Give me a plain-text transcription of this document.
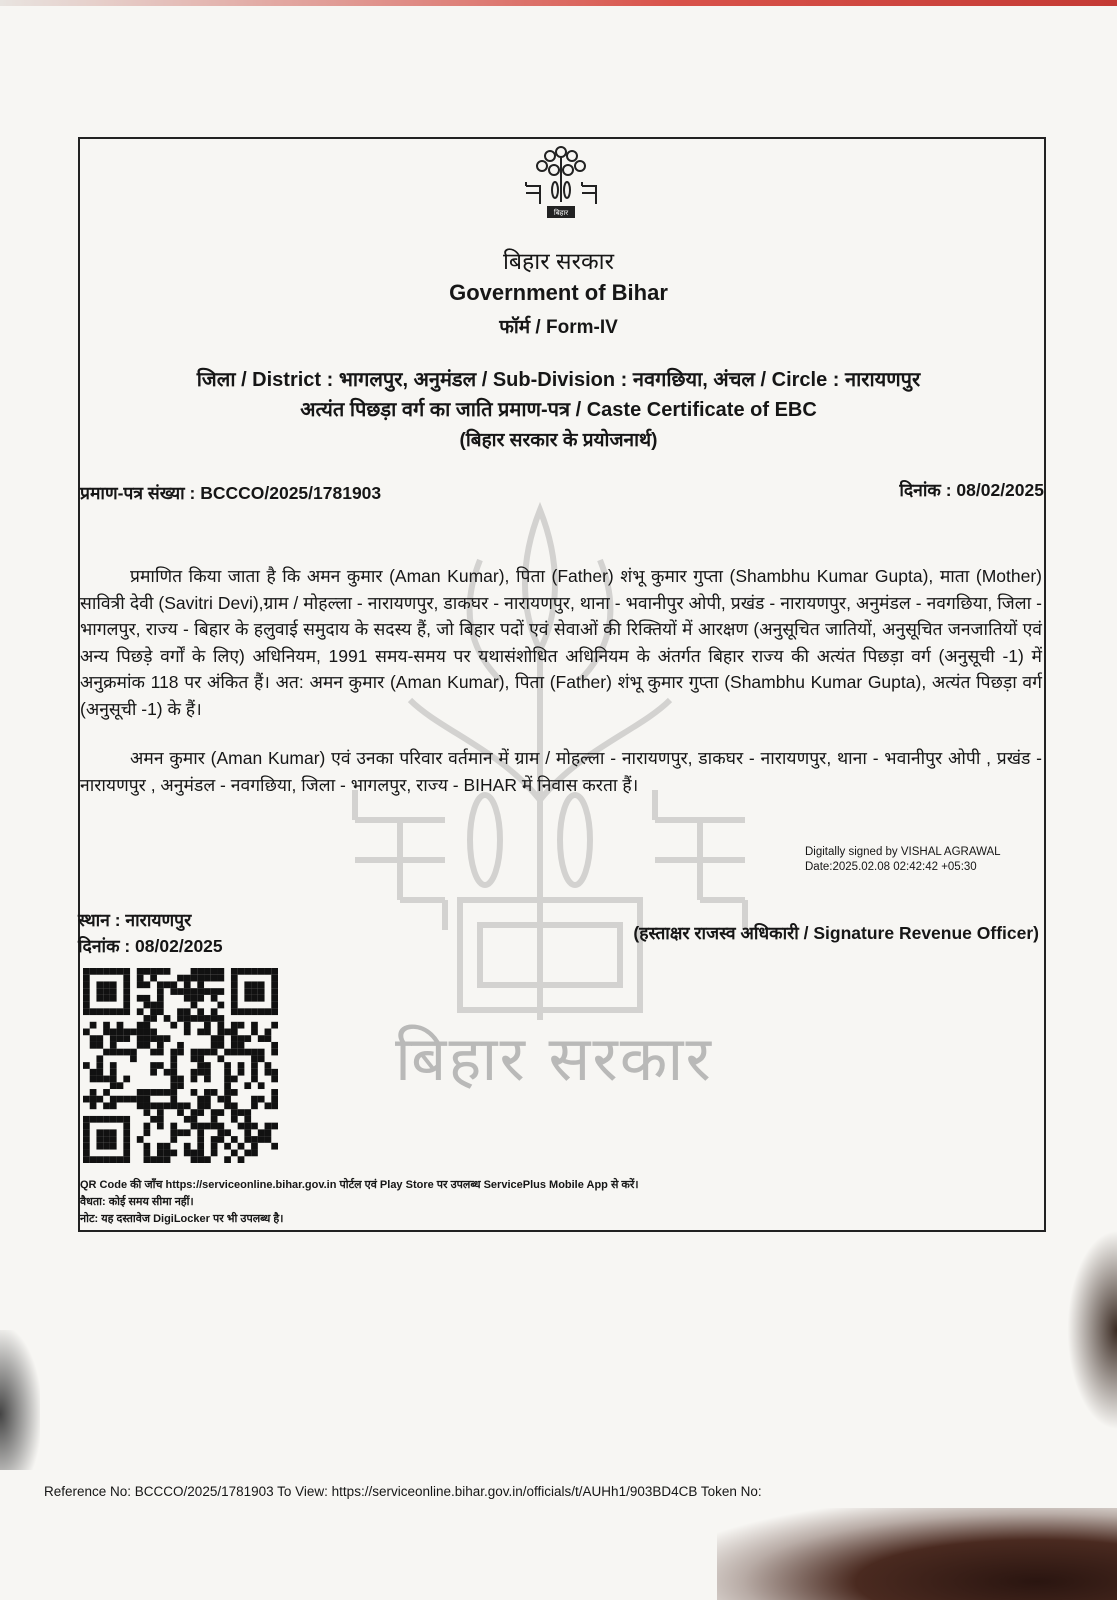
बिहार सरकार
बिहार
बिहार सरकार
Government of Bihar
फॉर्म / Form-IV
जिला / District : भागलपुर, अनुमंडल / Sub-Division : नवगछिया, अंचल / Circle : नारायणपुर
अत्यंत पिछड़ा वर्ग का जाति प्रमाण-पत्र / Caste Certificate of EBC
(बिहार सरकार के प्रयोजनार्थ)
प्रमाण-पत्र संख्या : BCCCO/2025/1781903	दिनांक : 08/02/2025
प्रमाणित किया जाता है कि अमन कुमार (Aman Kumar), पिता (Father) शंभू कुमार गुप्ता (Shambhu Kumar Gupta), माता (Mother) सावित्री देवी (Savitri Devi),ग्राम / मोहल्ला - नारायणपुर, डाकघर - नारायणपुर, थाना - भवानीपुर ओपी, प्रखंड - नारायणपुर, अनुमंडल - नवगछिया, जिला - भागलपुर, राज्य - बिहार के हलुवाई समुदाय के सदस्य हैं, जो बिहार पदों एवं सेवाओं की रिक्तियों में आरक्षण (अनुसूचित जातियों, अनुसूचित जनजातियों एवं अन्य पिछड़े वर्गों के लिए) अधिनियम, 1991 समय-समय पर यथासंशोधित अधिनियम के अंतर्गत बिहार राज्य की अत्यंत पिछड़ा वर्ग (अनुसूची -1) में अनुक्रमांक 118 पर अंकित हैं। अत: अमन कुमार (Aman Kumar), पिता (Father) शंभू कुमार गुप्ता (Shambhu Kumar Gupta), अत्यंत पिछड़ा वर्ग (अनुसूची -1) के हैं।
अमन कुमार (Aman Kumar) एवं उनका परिवार वर्तमान में ग्राम / मोहल्ला - नारायणपुर, डाकघर - नारायणपुर, थाना - भवानीपुर ओपी , प्रखंड - नारायणपुर , अनुमंडल - नवगछिया, जिला - भागलपुर, राज्य - BIHAR में निवास करता हैं।
Digitally signed by VISHAL AGRAWAL
Date:2025.02.08 02:42:42 +05:30
(हस्ताक्षर राजस्व अधिकारी / Signature Revenue Officer)
स्थान : नारायणपुर
दिनांक : 08/02/2025
QR Code की जाँच https://serviceonline.bihar.gov.in पोर्टल एवं Play Store पर उपलब्ध ServicePlus Mobile App से करें।
वैधता: कोई समय सीमा नहीं।
नोट: यह दस्तावेज DigiLocker पर भी उपलब्ध है।
Reference No: BCCCO/2025/1781903 To View: https://serviceonline.bihar.gov.in/officials/t/AUHh1/903BD4CB Token No:
